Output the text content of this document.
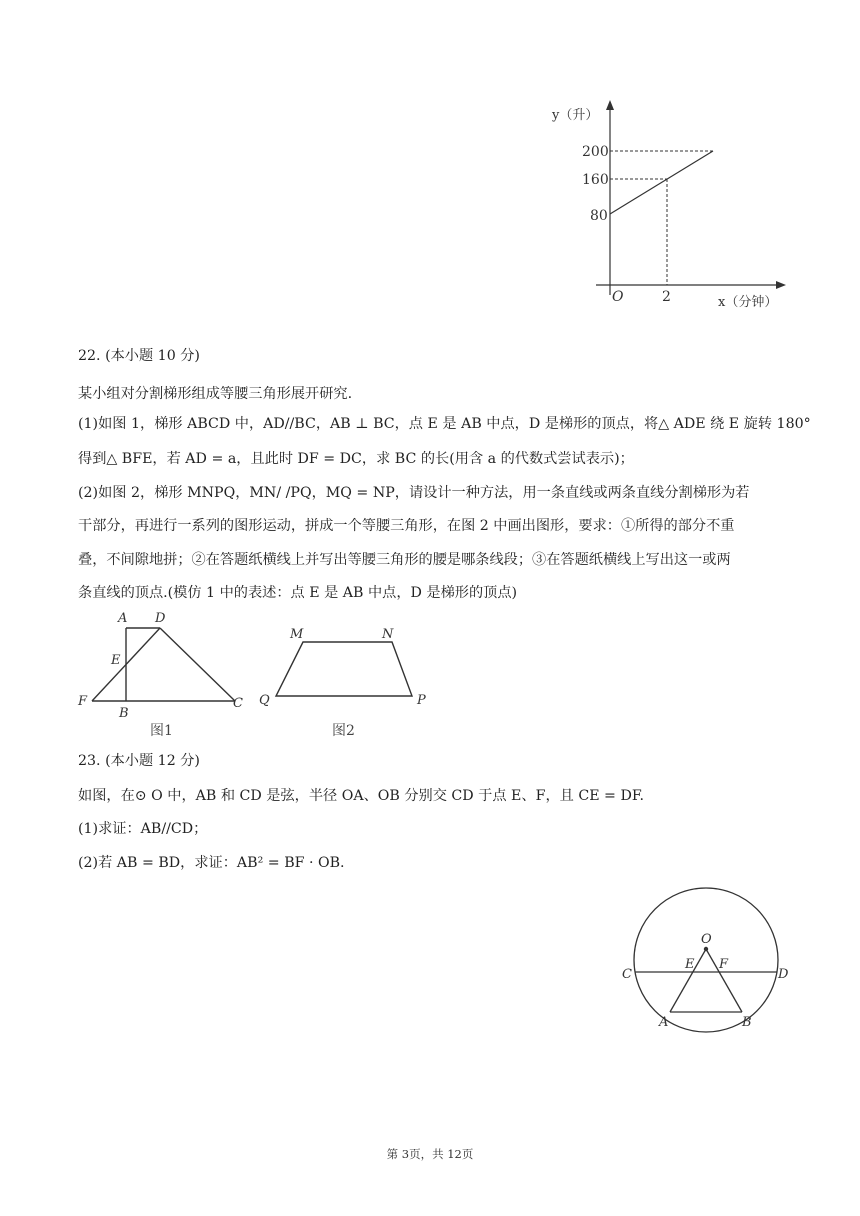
y（升）
200
160
80
O	2	x（分钟）
22. (本小题 10 分)
某小组对分割梯形组成等腰三角形展开研究.
(1)如图 1，梯形 ABCD 中，AD//BC，AB ⊥ BC，点 E 是 AB 中点，D 是梯形的顶点，将△ ADE 绕 E 旋转 180°
得到△ BFE，若 AD = a，且此时 DF = DC，求 BC 的长(用含 a 的代数式尝试表示)；
(2)如图 2，梯形 MNPQ，MN/ /PQ，MQ = NP，请设计一种方法，用一条直线或两条直线分割梯形为若
干部分，再进行一系列的图形运动，拼成一个等腰三角形，在图 2 中画出图形，要求：①所得的部分不重
叠，不间隙地拼；②在答题纸横线上并写出等腰三角形的腰是哪条线段；③在答题纸横线上写出这一或两
条直线的顶点.(模仿 1 中的表述：点 E 是 AB 中点，D 是梯形的顶点)
A D
E
F
B
C
图1
M	N
Q	P
图2
23. (本小题 12 分)
如图，在⊙ O 中，AB 和 CD 是弦，半径 OA、OB 分别交 CD 于点 E、F，且 CE = DF.
(1)求证：AB//CD；
(2)若 AB = BD，求证：AB² = BF · OB.
O
E F
C	D
A	B
第 3页，共 12页
